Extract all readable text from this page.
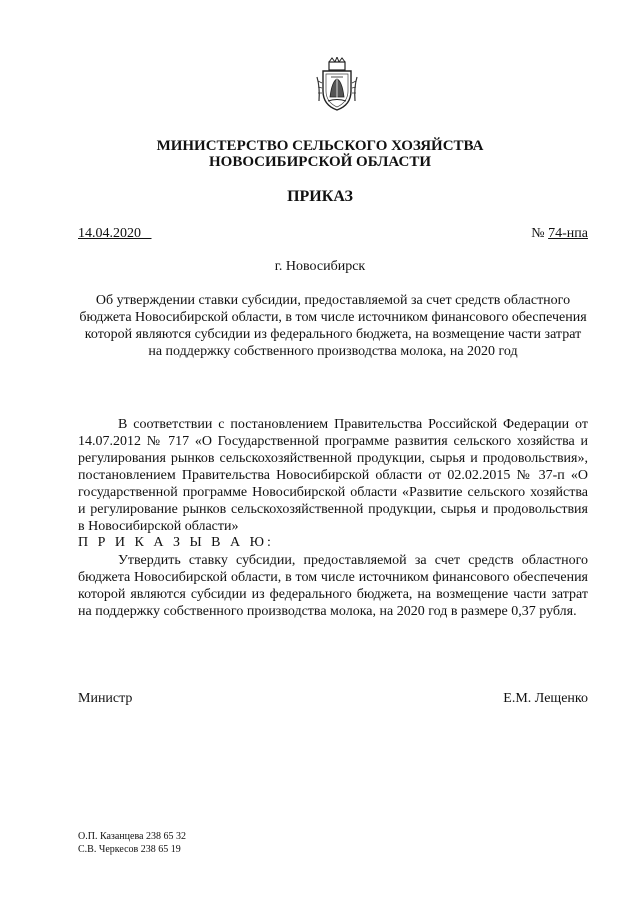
МИНИСТЕРСТВО СЕЛЬСКОГО ХОЗЯЙСТВА
НОВОСИБИРСКОЙ ОБЛАСТИ
ПРИКАЗ
14.04.2020	№ 74-нпа
г. Новосибирск
Об утверждении ставки субсидии, предоставляемой за счет средств областного бюджета Новосибирской области, в том числе источником финансового обеспечения которой являются субсидии из федерального бюджета, на возмещение части затрат на поддержку собственного производства молока, на 2020 год
В соответствии с постановлением Правительства Российской Федерации от 14.07.2012 № 717 «О Государственной программе развития сельского хозяйства и регулирования рынков сельскохозяйственной продукции, сырья и продовольствия», постановлением Правительства Новосибирской области от 02.02.2015 № 37-п «О государственной программе Новосибирской области «Развитие сельского хозяйства и регулирование рынков сельскохозяйственной продукции, сырья и продовольствия в Новосибирской области»
П Р И К А З Ы В А Ю:
Утвердить ставку субсидии, предоставляемой за счет средств областного бюджета Новосибирской области, в том числе источником финансового обеспечения которой являются субсидии из федерального бюджета, на возмещение части затрат на поддержку собственного производства молока, на 2020 год в размере 0,37 рубля.
Министр	Е.М. Лещенко
О.П. Казанцева 238 65 32
С.В. Черкесов 238 65 19
